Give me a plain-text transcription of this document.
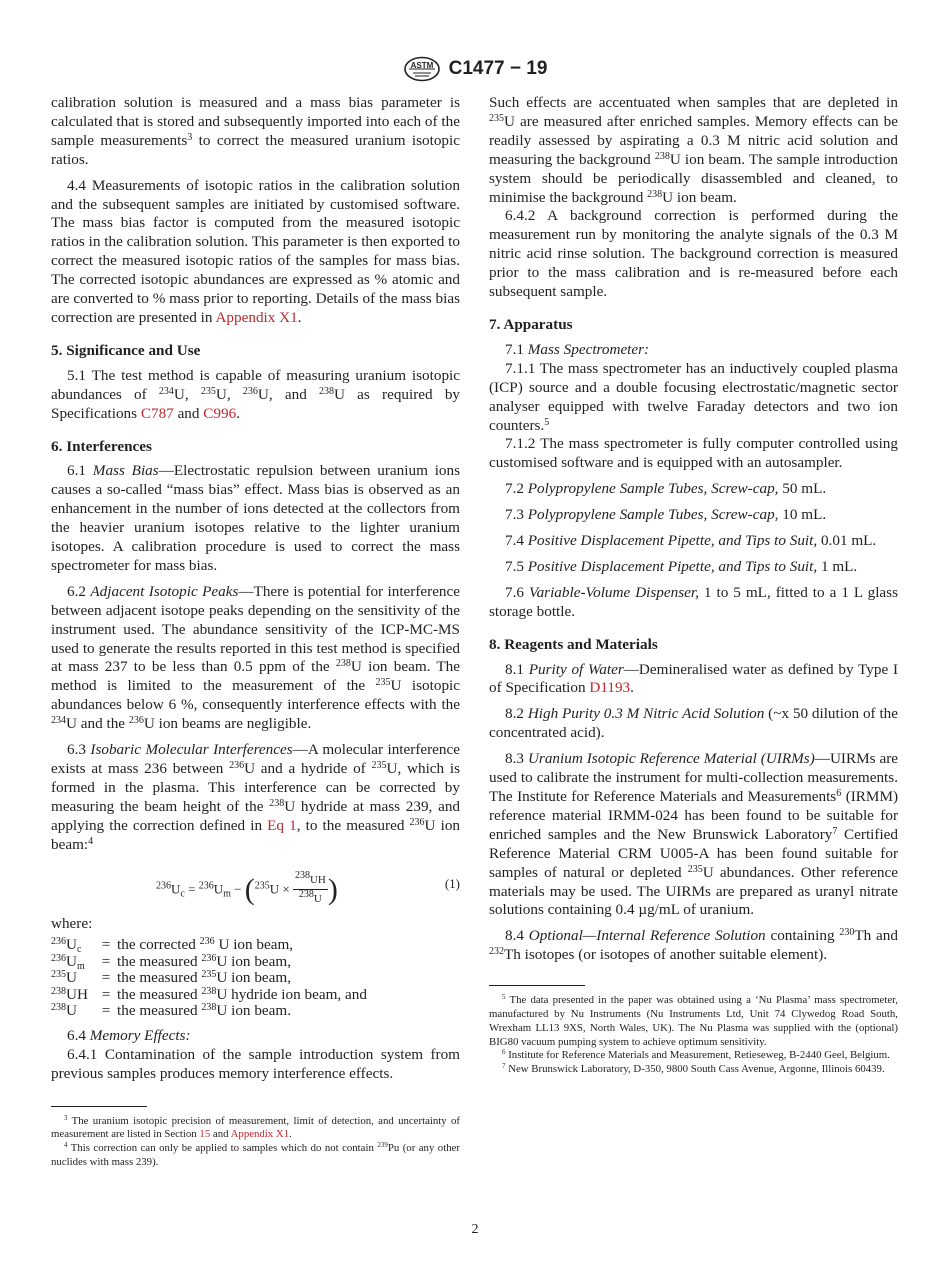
ASTM C1477 − 19

calibration solution is measured and a mass bias parameter is calculated that is stored and subsequently imported into each of the sample measurements$^3$ to correct the measured uranium isotopic ratios.

4.4 Measurements of isotopic ratios in the calibration solution and the subsequent samples are initiated by customised software. The mass bias factor is computed from the measured isotopic ratios in the calibration solution. This parameter is then exported to correct the measured isotopic ratios of the samples for mass bias. The corrected isotopic abundances are expressed as % atomic and are converted to % mass prior to reporting. Details of the mass bias correction are presented in Appendix X1.

5. Significance and Use

5.1 The test method is capable of measuring uranium isotopic abundances of $^{234}$U, $^{235}$U, $^{236}$U, and $^{238}$U as required by Specifications C787 and C996.

6. Interferences

6.1 Mass Bias—Electrostatic repulsion between uranium ions causes a so-called “mass bias” effect. Mass bias is observed as an enhancement in the number of ions detected at the collectors from the heavier uranium isotopes relative to the lighter uranium isotopes. A calibration procedure is used to correct the mass spectrometer for mass bias.

6.2 Adjacent Isotopic Peaks—There is potential for interference between adjacent isotope peaks depending on the sensitivity of the instrument used. The abundance sensitivity of the ICP-MC-MS used to generate the results reported in this test method is specified at mass 237 to be less than 0.5 ppm of the $^{238}$U ion beam. The method is limited to the measurement of the $^{235}$U isotopic abundances below 6 %, consequently interference effects with the $^{234}$U and the $^{236}$U ion beams are negligible.

6.3 Isobaric Molecular Interferences—A molecular interference exists at mass 236 between $^{236}$U and a hydride of $^{235}$U, which is formed in the plasma. This interference can be corrected by measuring the beam height of the $^{238}$U hydride at mass 239, and applying the correction defined in Eq 1, to the measured $^{236}$U ion beam:$^4$

$^{236}U_c = ^{236}U_m - (^{235}U \times \frac{^{238}UH}{^{238}U}$ )	(1)

where:

$^{236}U_c$	=	the corrected $^{236}$ U ion beam,
$^{236}U_m$	=	the measured $^{236}$U ion beam,
$^{235}$U	=	the measured $^{235}$U ion beam,
$^{238}$UH	=	the measured $^{238}$U hydride ion beam, and
$^{238}$U	=	the measured $^{238}$U ion beam.

6.4 Memory Effects:

6.4.1 Contamination of the sample introduction system from previous samples produces memory interference effects.

$^3$ The uranium isotopic precision of measurement, limit of detection, and uncertainty of measurement are listed in Section 15 and Appendix X1.

$^4$ This correction can only be applied to samples which do not contain $^{239}$Pu (or any other nuclides with mass 239).

Such effects are accentuated when samples that are depleted in $^{235}$U are measured after enriched samples. Memory effects can be readily assessed by aspirating a 0.3 M nitric acid solution and measuring the background $^{238}$U ion beam. The sample introduction system should be periodically disassembled and cleaned, to minimise the background $^{238}$U ion beam.

6.4.2 A background correction is performed during the measurement run by monitoring the analyte signals of the 0.3 M nitric acid rinse solution. The background correction is measured prior to the mass calibration and is re-measured before each subsequent sample.

7. Apparatus

7.1 Mass Spectrometer:

7.1.1 The mass spectrometer has an inductively coupled plasma (ICP) source and a double focusing electrostatic/magnetic sector analyser equipped with twelve Faraday detectors and two ion counters.$^5$

7.1.2 The mass spectrometer is fully computer controlled using customised software and is equipped with an autosampler.

7.2 Polypropylene Sample Tubes, Screw-cap, 50 mL.

7.3 Polypropylene Sample Tubes, Screw-cap, 10 mL.

7.4 Positive Displacement Pipette, and Tips to Suit, 0.01 mL.

7.5 Positive Displacement Pipette, and Tips to Suit, 1 mL.

7.6 Variable-Volume Dispenser, 1 to 5 mL, fitted to a 1 L glass storage bottle.

8. Reagents and Materials

8.1 Purity of Water—Demineralised water as defined by Type I of Specification D1193.

8.2 High Purity 0.3 M Nitric Acid Solution (~x 50 dilution of the concentrated acid).

8.3 Uranium Isotopic Reference Material (UIRMs)—UIRMs are used to calibrate the instrument for multi-collection measurements. The Institute for Reference Materials and Measurements$^6$ (IRMM) reference material IRMM-024 has been found to be suitable for enriched samples and the New Brunswick Laboratory$^7$ Certified Reference Material CRM U005-A has been found suitable for samples of natural or depleted $^{235}$U abundances. Other reference materials may be used. The UIRMs are prepared as uranyl nitrate solutions containing 0.4 µg/mL of uranium.

8.4 Optional—Internal Reference Solution containing $^{230}$Th and $^{232}$Th isotopes (or isotopes of another suitable element).

$^5$ The data presented in the paper was obtained using a ‘Nu Plasma’ mass spectrometer, manufactured by Nu Instruments (Nu Instruments Ltd, Unit 74 Clywedog Road South, Wrexham LL13 9XS, North Wales, UK). The Nu Plasma was supplied with the (optional) BIG80 vacuum pumping system to achieve optimum sensitivity.

$^6$ Institute for Reference Materials and Measurement, Retieseweg, B-2440 Geel, Belgium.

$^7$ New Brunswick Laboratory, D-350, 9800 South Cass Avenue, Argonne, Illinois 60439.

2
